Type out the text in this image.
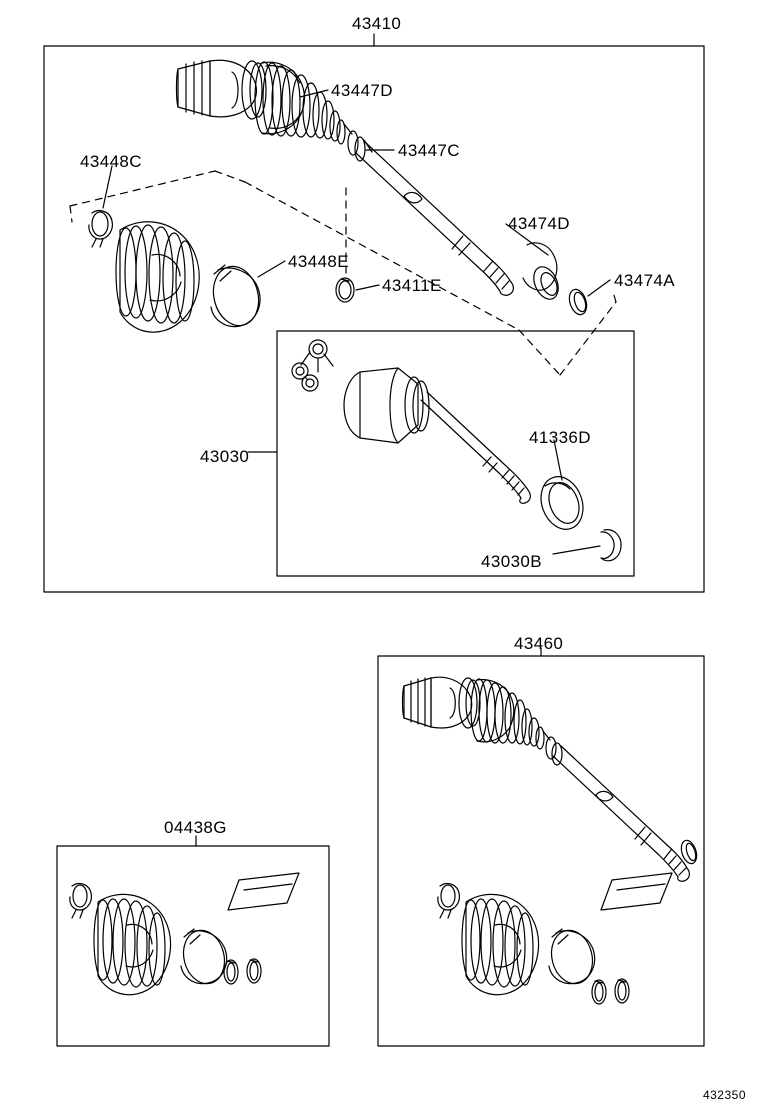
43410
43030
43460
04438G
43447D
43447C
43448C
43474D
43448E
43411E	43474A
41336D
43030B
432350
